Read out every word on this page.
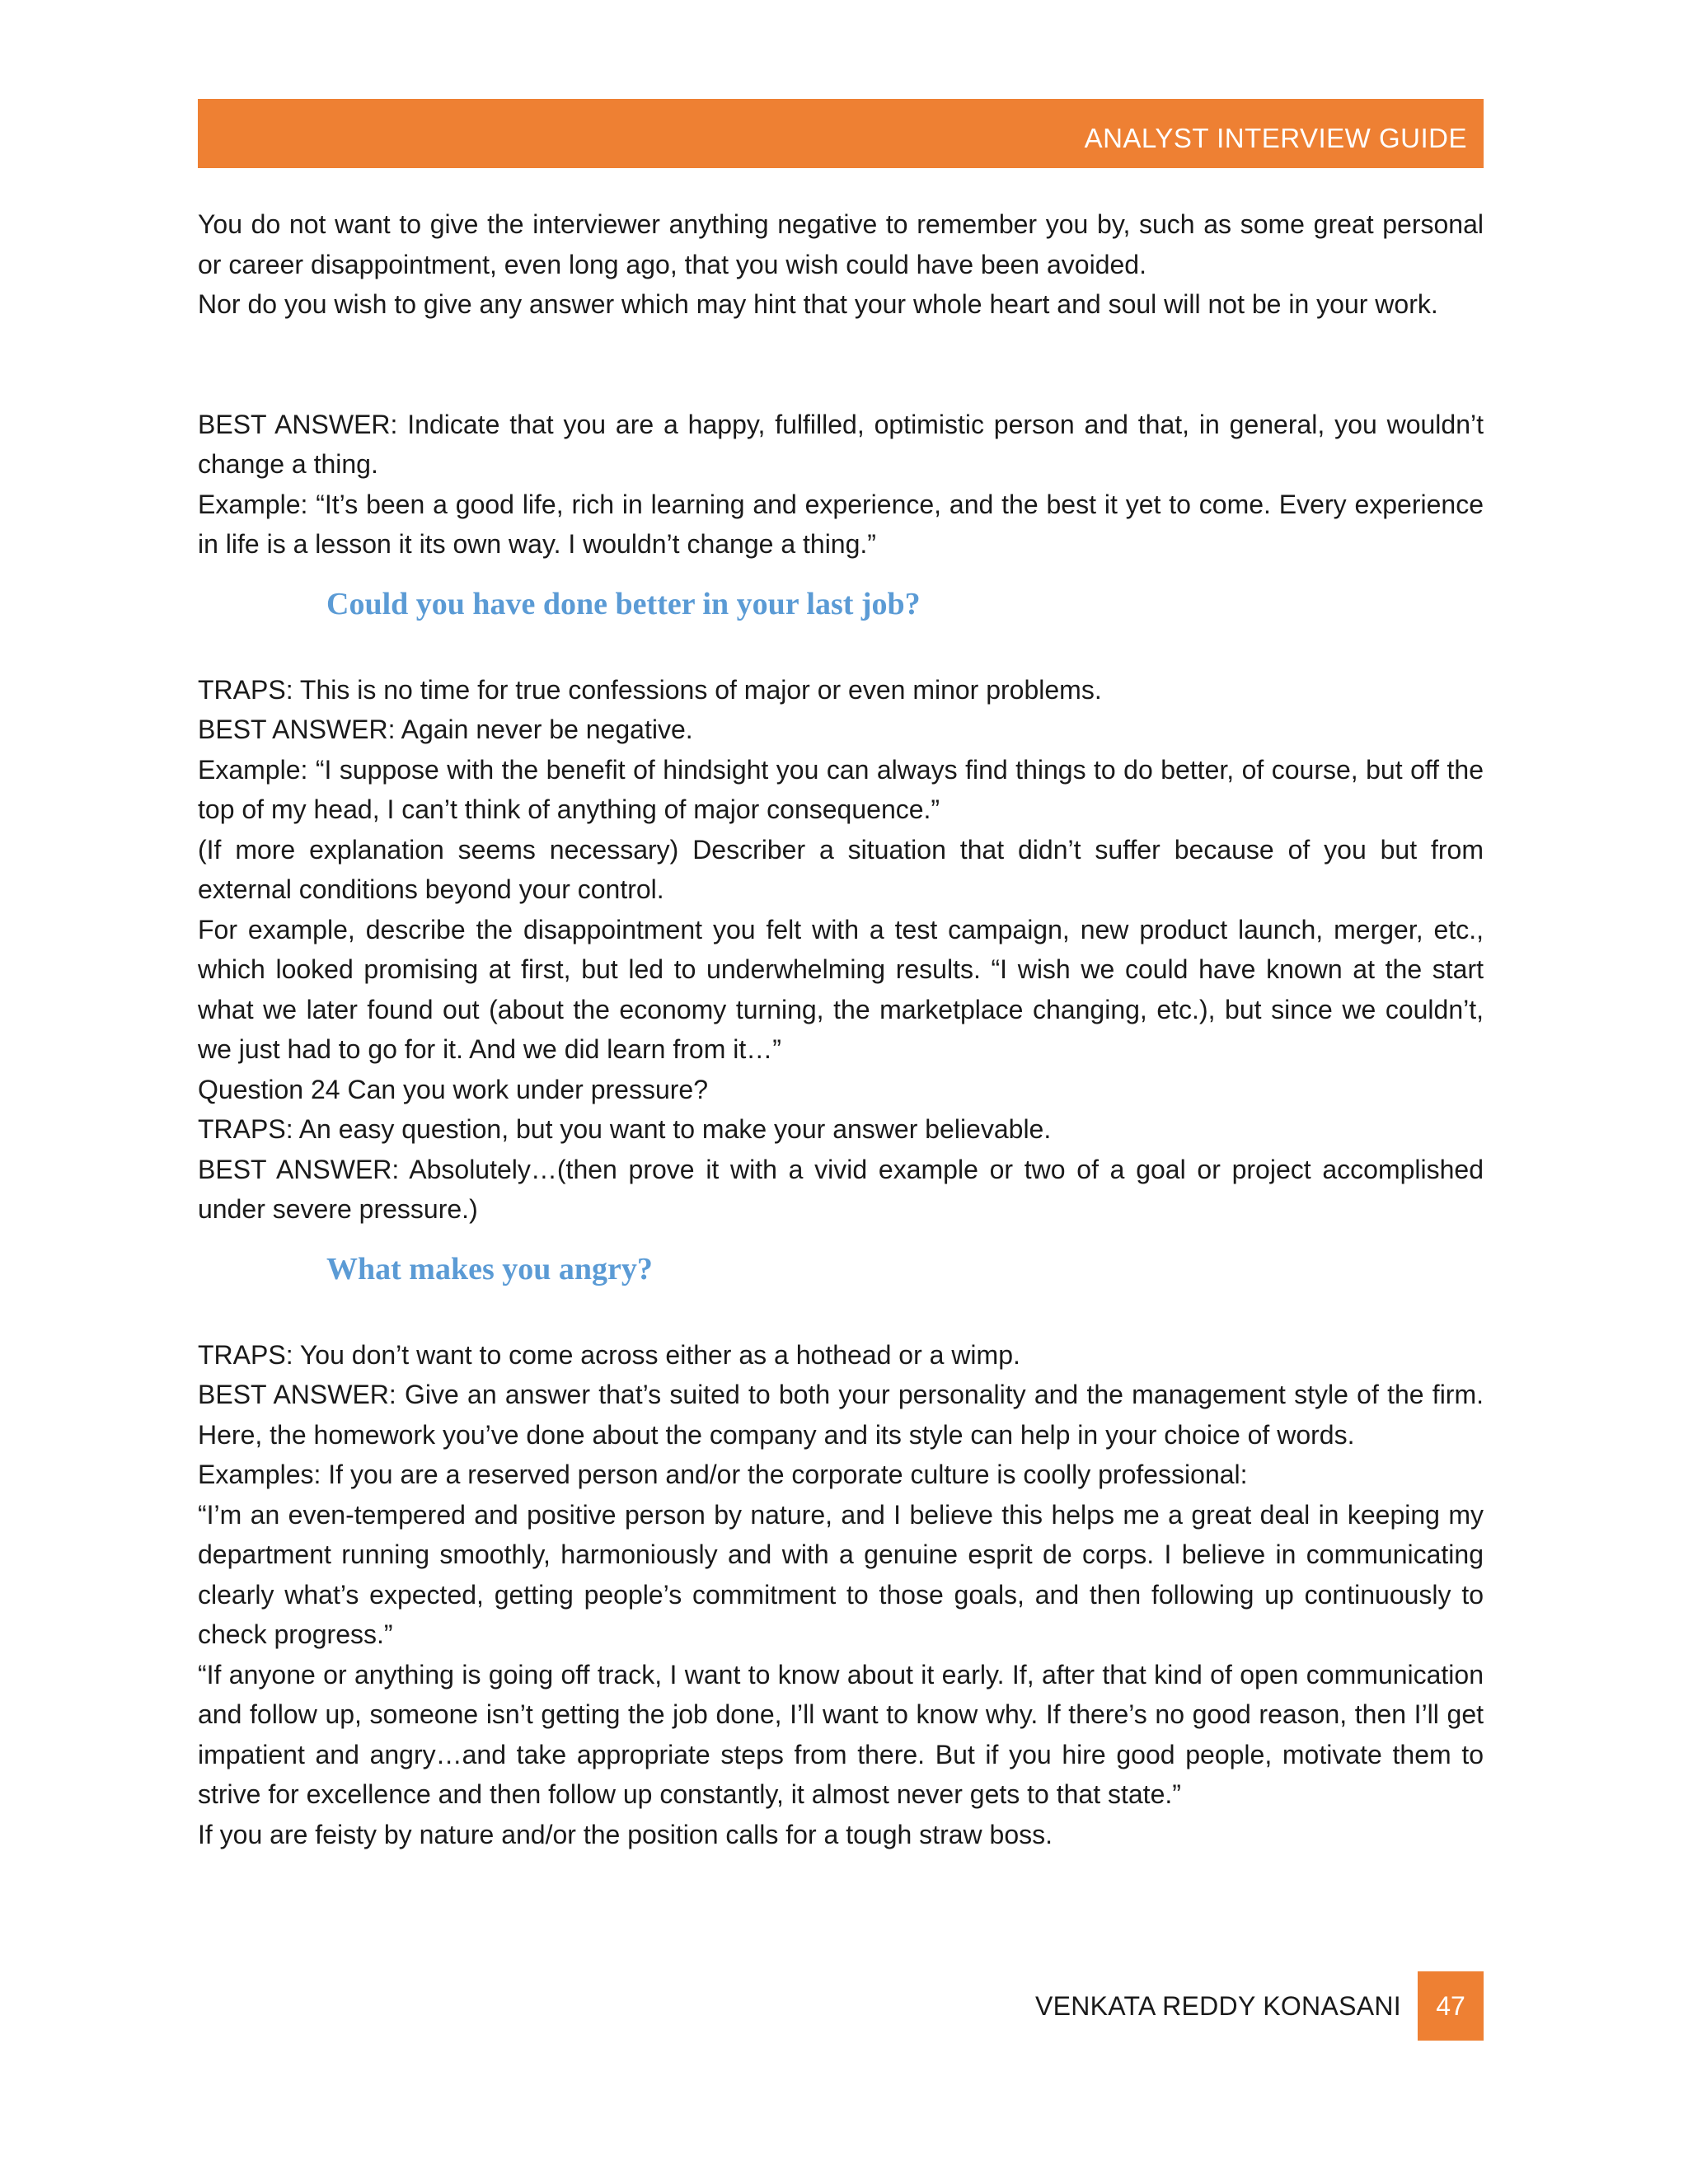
ANALYST INTERVIEW GUIDE

You do not want to give the interviewer anything negative to remember you by, such as some great personal or career disappointment, even long ago, that you wish could have been avoided.

Nor do you wish to give any answer which may hint that your whole heart and soul will not be in your work.

BEST ANSWER: Indicate that you are a happy, fulfilled, optimistic person and that, in general, you wouldn’t change a thing.

Example: “It’s been a good life, rich in learning and experience, and the best it yet to come. Every experience in life is a lesson it its own way. I wouldn’t change a thing.”

Could you have done better in your last job?

TRAPS: This is no time for true confessions of major or even minor problems.

BEST ANSWER: Again never be negative.

Example: “I suppose with the benefit of hindsight you can always find things to do better, of course, but off the top of my head, I can’t think of anything of major consequence.”

(If more explanation seems necessary) Describer a situation that didn’t suffer because of you but from external conditions beyond your control.

For example, describe the disappointment you felt with a test campaign, new product launch, merger, etc., which looked promising at first, but led to underwhelming results. “I wish we could have known at the start what we later found out (about the economy turning, the marketplace changing, etc.), but since we couldn’t, we just had to go for it. And we did learn from it…”

Question 24 Can you work under pressure?

TRAPS: An easy question, but you want to make your answer believable.

BEST ANSWER: Absolutely…(then prove it with a vivid example or two of a goal or project accomplished under severe pressure.)

What makes you angry?

TRAPS: You don’t want to come across either as a hothead or a wimp.

BEST ANSWER: Give an answer that’s suited to both your personality and the management style of the firm. Here, the homework you’ve done about the company and its style can help in your choice of words.

Examples: If you are a reserved person and/or the corporate culture is coolly professional:

“I’m an even-tempered and positive person by nature, and I believe this helps me a great deal in keeping my department running smoothly, harmoniously and with a genuine esprit de corps. I believe in communicating clearly what’s expected, getting people’s commitment to those goals, and then following up continuously to check progress.”

“If anyone or anything is going off track, I want to know about it early. If, after that kind of open communication and follow up, someone isn’t getting the job done, I’ll want to know why. If there’s no good reason, then I’ll get impatient and angry…and take appropriate steps from there. But if you hire good people, motivate them to strive for excellence and then follow up constantly, it almost never gets to that state.”

If you are feisty by nature and/or the position calls for a tough straw boss.

VENKATA REDDY KONASANI	47
